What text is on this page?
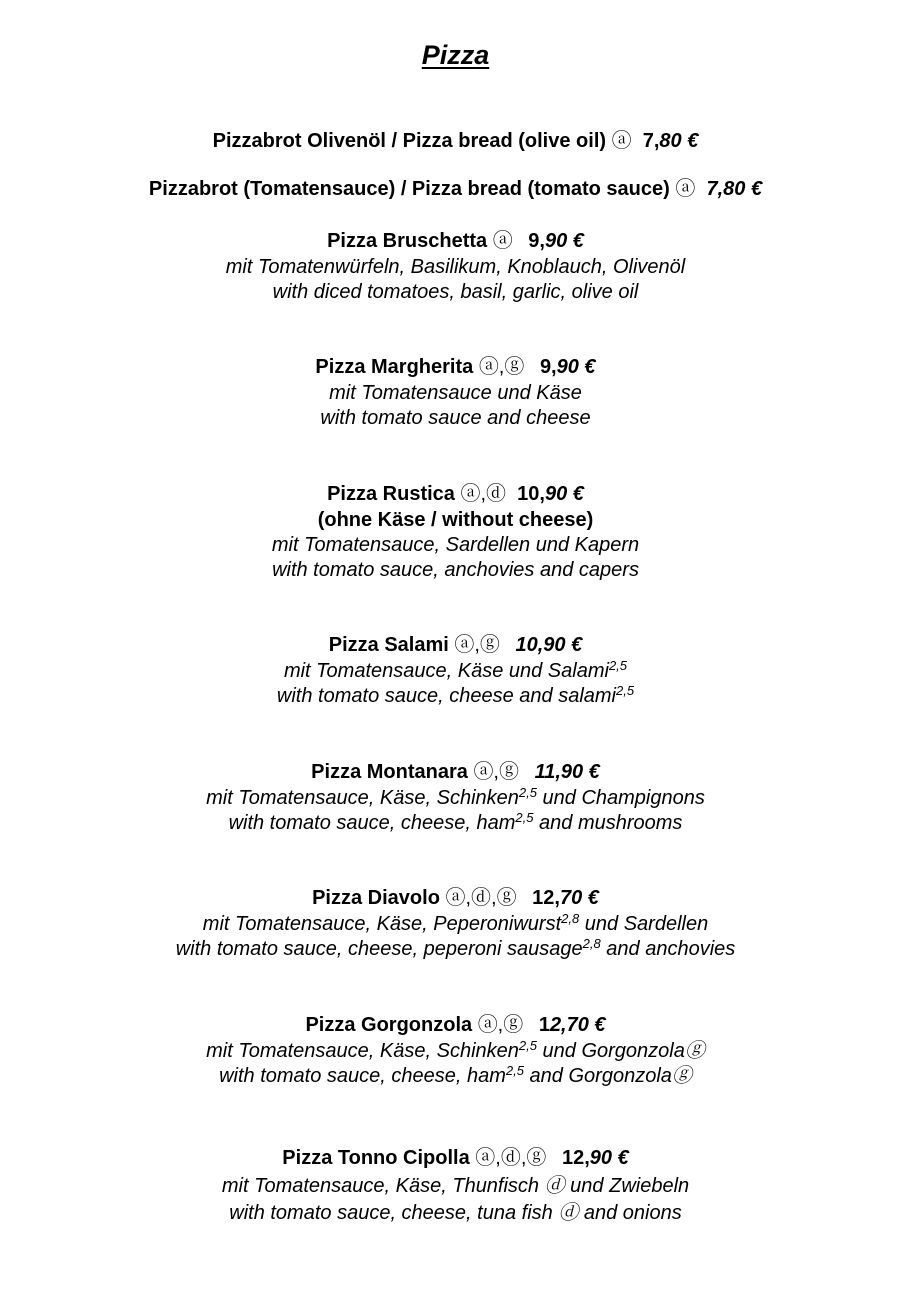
Pizza
Pizzabrot Olivenöl / Pizza bread (olive oil) ⓐ 7,80 €
Pizzabrot (Tomatensauce) / Pizza bread (tomato sauce) ⓐ 7,80 €
Pizza Bruschetta ⓐ 9,90 €
mit Tomatenwürfeln, Basilikum, Knoblauch, Olivenöl
with diced tomatoes, basil, garlic, olive oil
Pizza Margherita ⓐ,ⓖ 9,90 €
mit Tomatensauce und Käse
with tomato sauce and cheese
Pizza Rustica ⓐ,ⓓ 10,90 €
(ohne Käse / without cheese)
mit Tomatensauce, Sardellen und Kapern
with tomato sauce, anchovies and capers
Pizza Salami ⓐ,ⓖ 10,90 €
mit Tomatensauce, Käse und Salami$^{2,5}$
with tomato sauce, cheese and salami$^{2,5}$
Pizza Montanara ⓐ,ⓖ 11,90 €
mit Tomatensauce, Käse, Schinken$^{2,5}$ und Champignons
with tomato sauce, cheese, ham$^{2,5}$ and mushrooms
Pizza Diavolo ⓐ,ⓓ,ⓖ 12,70 €
mit Tomatensauce, Käse, Peperoniwurst$^{2,8}$ und Sardellen
with tomato sauce, cheese, peperoni sausage$^{2,8}$ and anchovies
Pizza Gorgonzola ⓐ,ⓖ 12,70 €
mit Tomatensauce, Käse, Schinken$^{2,5}$ und Gorgonzolaⓖ
with tomato sauce, cheese, ham$^{2,5}$ and Gorgonzolaⓖ
Pizza Tonno Cipolla ⓐ,ⓓ,ⓖ 12,90 €
mit Tomatensauce, Käse, Thunfisch ⓓ und Zwiebeln
with tomato sauce, cheese, tuna fish ⓓ and onions
